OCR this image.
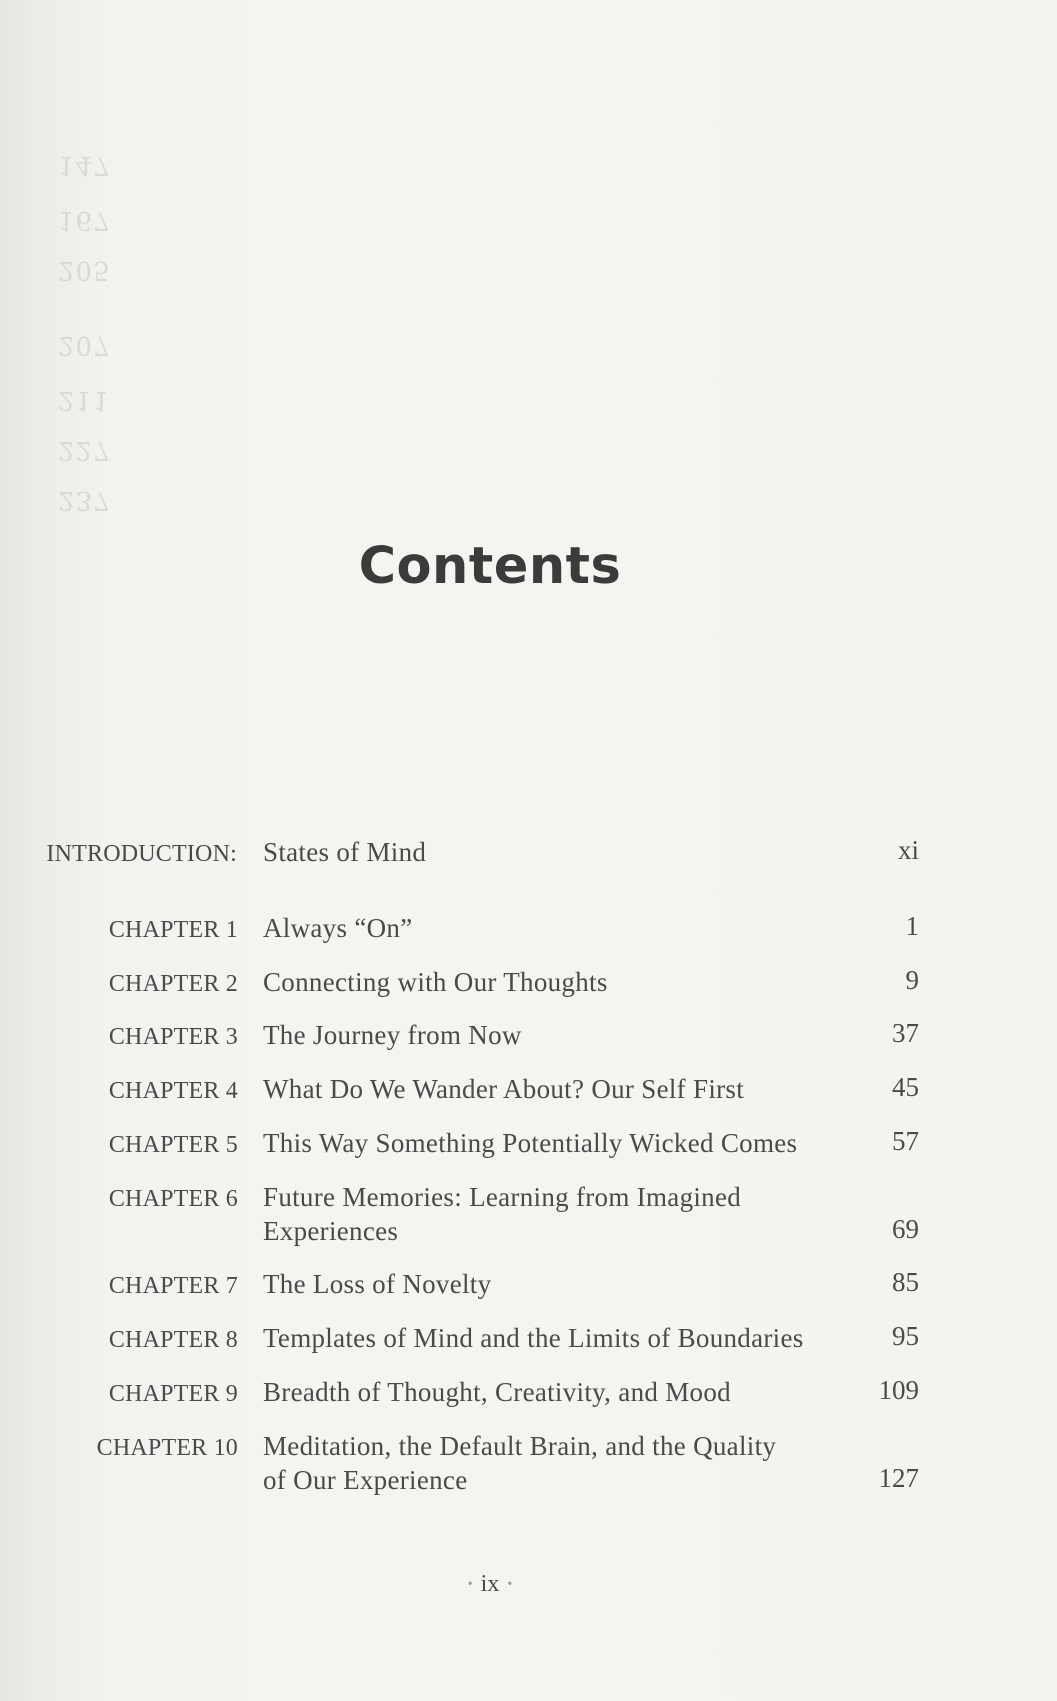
147
167
205
207
211
227
237
Contents
INTRODUCTION: States of Mind	xi
CHAPTER 1 Always “On”	1
CHAPTER 2 Connecting with Our Thoughts	9
CHAPTER 3 The Journey from Now	37
CHAPTER 4 What Do We Wander About? Our Self First	45
CHAPTER 5 This Way Something Potentially Wicked Comes	57
CHAPTER 6 Future Memories: Learning from Imagined
Experiences	69
CHAPTER 7 The Loss of Novelty	85
CHAPTER 8 Templates of Mind and the Limits of Boundaries	95
CHAPTER 9 Breadth of Thought, Creativity, and Mood	109
CHAPTER 10 Meditation, the Default Brain, and the Quality
of Our Experience	127
• ix •
